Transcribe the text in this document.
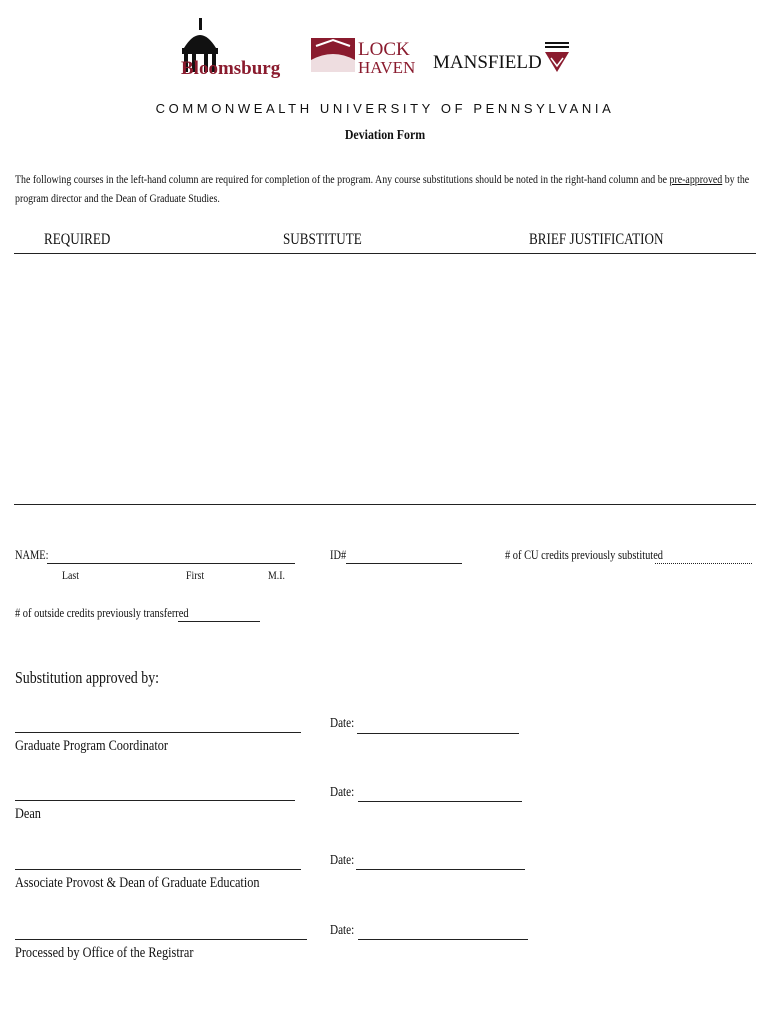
Bloomsburg
LOCK
HAVEN MANSFIELD
COMMONWEALTH UNIVERSITY OF PENNSYLVANIA
Deviation Form
The following courses in the left-hand column are required for completion of the program. Any course substitutions should be noted in the right-hand column and be pre-approved by the
program director and the Dean of Graduate Studies.
REQUIRED	SUBSTITUTE	BRIEF JUSTIFICATION
NAME:
Last	First	M.I.
ID#	# of CU credits previously substituted
# of outside credits previously transferred
Substitution approved by:
Graduate Program Coordinator
Date:
Dean
Date:
Associate Provost & Dean of Graduate Education
Date:
Processed by Office of the Registrar
Date:
